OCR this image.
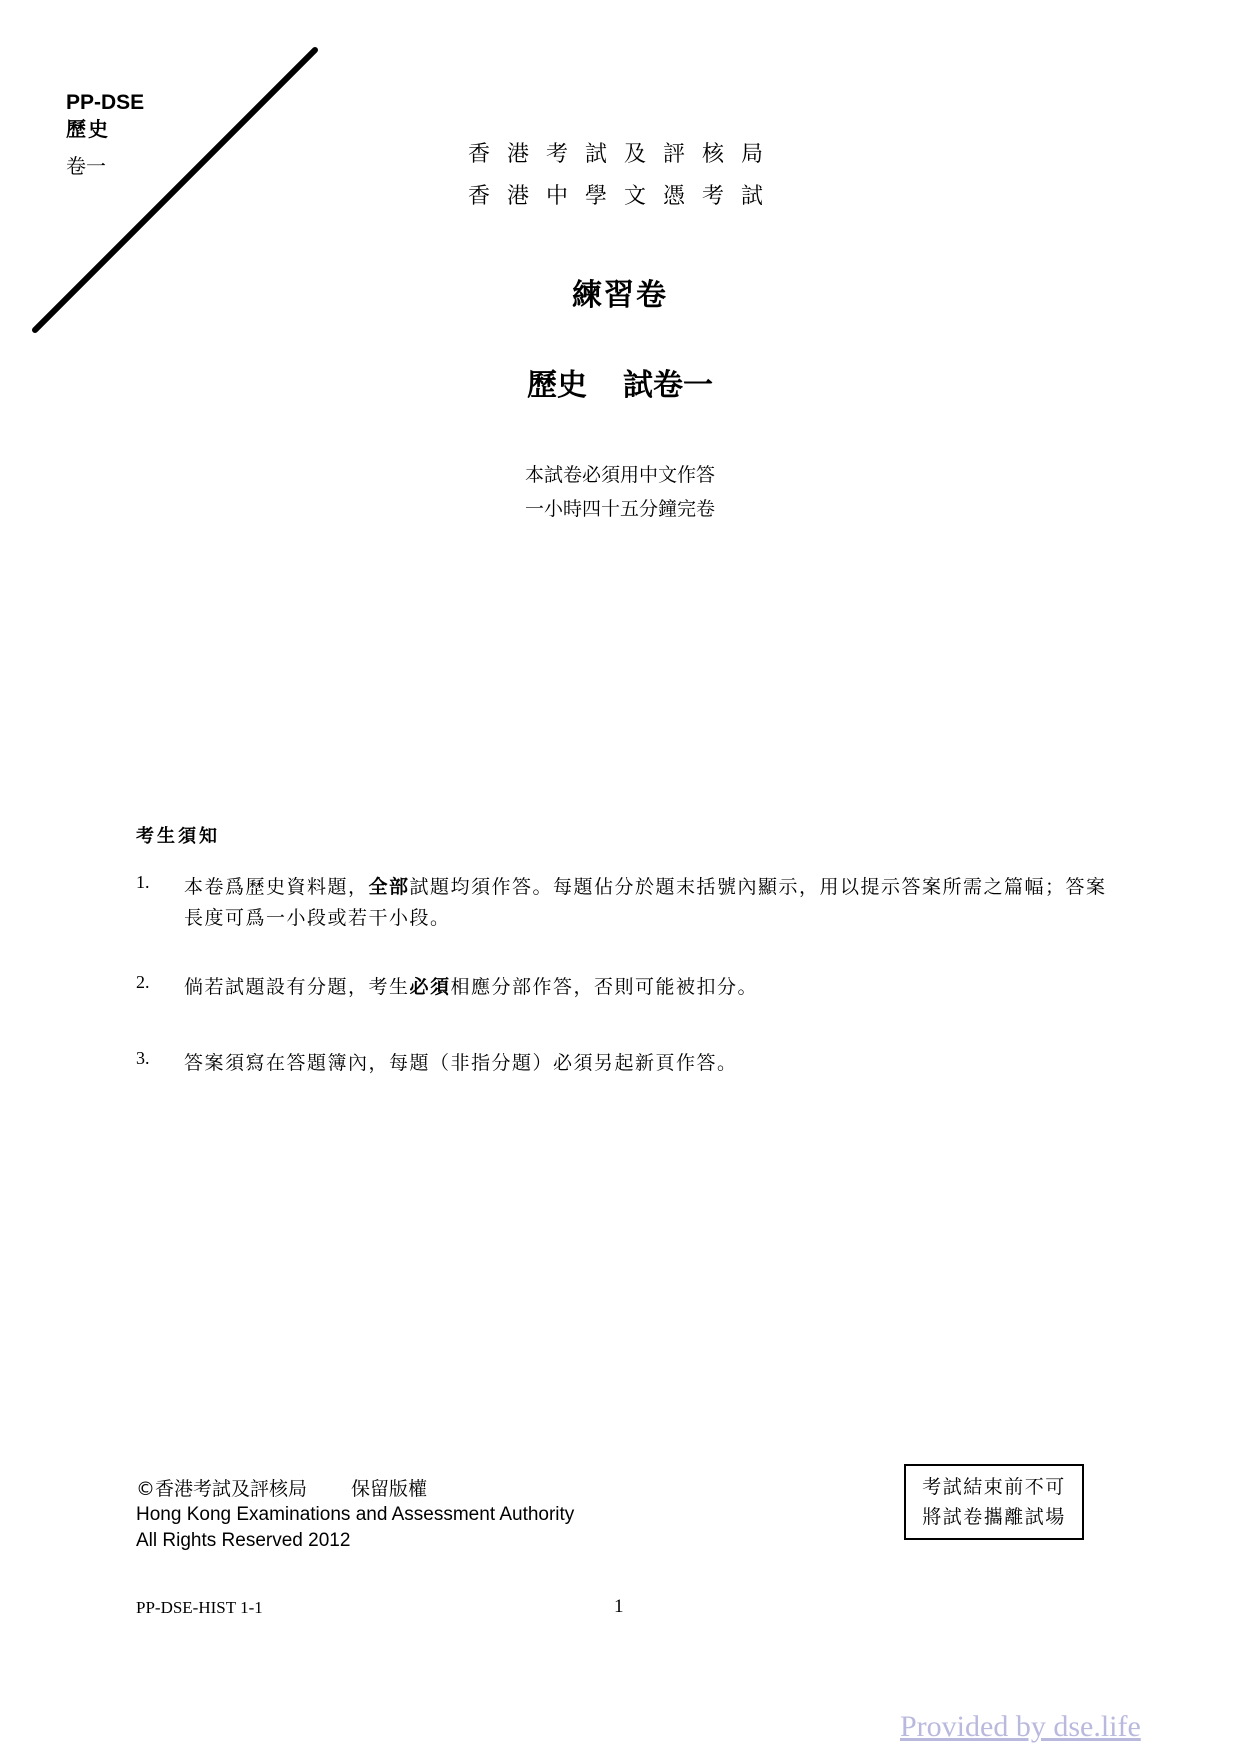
PP-DSE
歷史
卷一	香港考試及評核局
香港中學文憑考試
練習卷
歷史 試卷一
本試卷必須用中文作答
一小時四十五分鐘完卷
考生須知
1. 本卷爲歷史資料題，全部試題均須作答。每題佔分於題末括號內顯示，用以提示答案所需之篇幅；答案長度可爲一小段或若干小段。
2. 倘若試題設有分題，考生必須相應分部作答，否則可能被扣分。
3. 答案須寫在答題簿內，每題（非指分題）必須另起新頁作答。
©香港考試及評核局 保留版權
Hong Kong Examinations and Assessment Authority
All Rights Reserved 2012
考試結束前不可
將試卷攜離試場
PP-DSE-HIST 1-1	1
Provided by dse.life
